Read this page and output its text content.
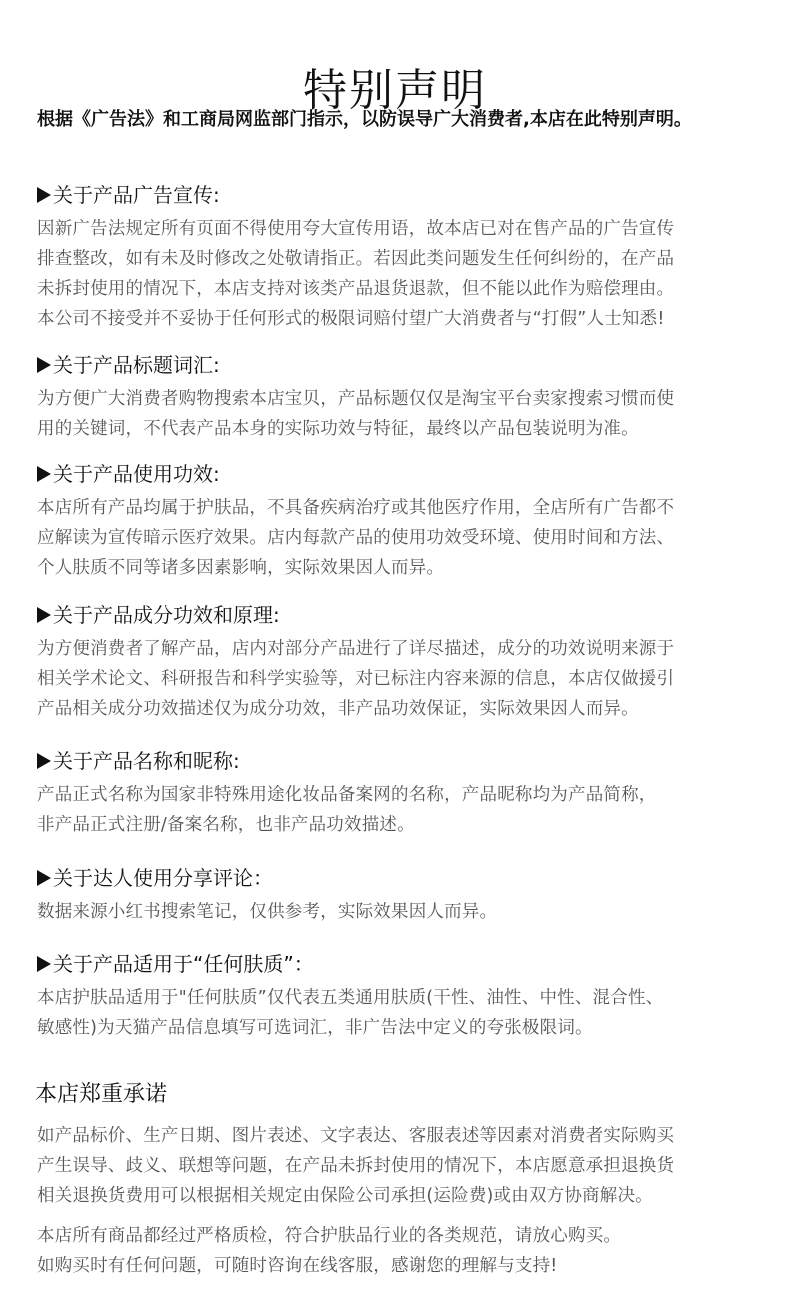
特别声明
根据《广告法》和工商局网监部门指示，以防误导广大消费者,本店在此特别声明。
关于产品广告宣传:
因新广告法规定所有页面不得使用夸大宣传用语，故本店已对在售产品的广告宣传
排查整改，如有未及时修改之处敬请指正。若因此类问题发生任何纠纷的，在产品
未拆封使用的情况下，本店支持对该类产品退货退款，但不能以此作为赔偿理由。
本公司不接受并不妥协于任何形式的极限词赔付望广大消费者与“打假”人士知悉!
关于产品标题词汇:
为方便广大消费者购物搜索本店宝贝，产品标题仅仅是淘宝平台卖家搜索习惯而使
用的关键词，不代表产品本身的实际功效与特征，最终以产品包装说明为准。
关于产品使用功效:
本店所有产品均属于护肤品，不具备疾病治疗或其他医疗作用，全店所有广告都不
应解读为宣传暗示医疗效果。店内每款产品的使用功效受环境、使用时间和方法、
个人肤质不同等诸多因素影响，实际效果因人而异。
关于产品成分功效和原理:
为方便消费者了解产品，店内对部分产品进行了详尽描述，成分的功效说明来源于
相关学术论文、科研报告和科学实验等，对已标注内容来源的信息，本店仅做援引
产品相关成分功效描述仅为成分功效，非产品功效保证，实际效果因人而异。
关于产品名称和昵称:
产品正式名称为国家非特殊用途化妆品备案网的名称，产品昵称均为产品简称，
非产品正式注册/备案名称，也非产品功效描述。
关于达人使用分享评论：
数据来源小红书搜索笔记，仅供参考，实际效果因人而异。
关于产品适用于“任何肤质”：
本店护肤品适用于"任何肤质”仅代表五类通用肤质(干性、油性、中性、混合性、
敏感性)为天猫产品信息填写可选词汇，非广告法中定义的夸张极限词。
本店郑重承诺
如产品标价、生产日期、图片表述、文字表达、客服表述等因素对消费者实际购买
产生误导、歧义、联想等问题，在产品未拆封使用的情况下，本店愿意承担退换货
相关退换货费用可以根据相关规定由保险公司承担(运险费)或由双方协商解决。
本店所有商品都经过严格质检，符合护肤品行业的各类规范，请放心购买。
如购买时有任何问题，可随时咨询在线客服，感谢您的理解与支持!
